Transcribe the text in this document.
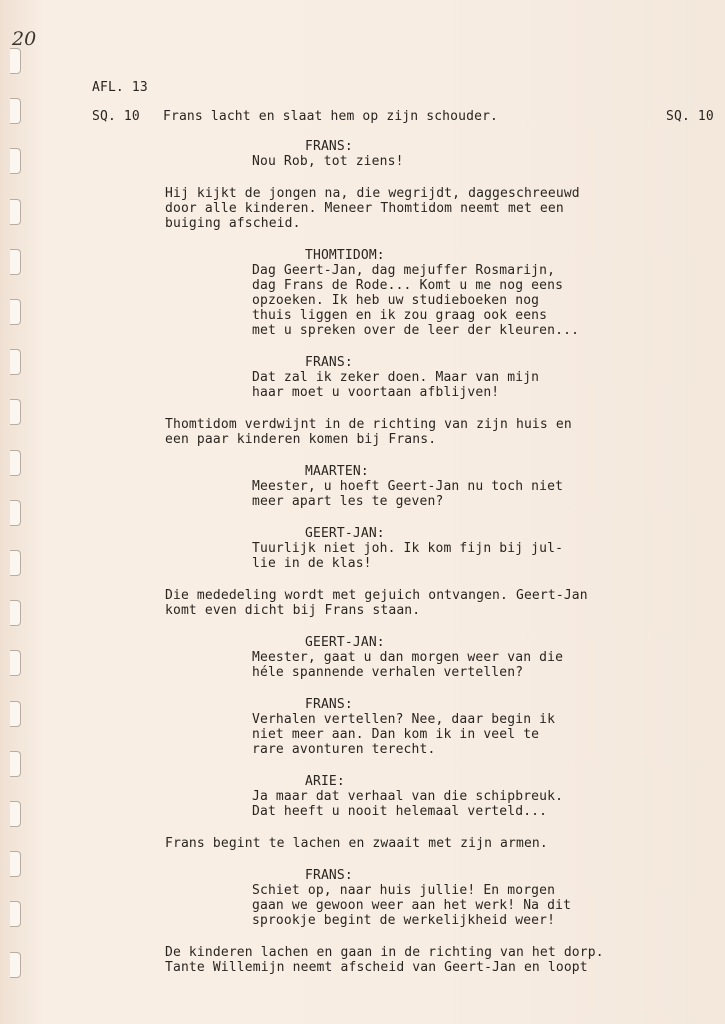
20
AFL. 13
SQ. 10 Frans lacht en slaat hem op zijn schouder.	SQ. 10
FRANS:
Nou Rob, tot ziens!
Hij kijkt de jongen na, die wegrijdt, daggeschreeuwd
door alle kinderen. Meneer Thomtidom neemt met een
buiging afscheid.
THOMTIDOM:
Dag Geert-Jan, dag mejuffer Rosmarijn,
dag Frans de Rode... Komt u me nog eens
opzoeken. Ik heb uw studieboeken nog
thuis liggen en ik zou graag ook eens
met u spreken over de leer der kleuren...
FRANS:
Dat zal ik zeker doen. Maar van mijn
haar moet u voortaan afblijven!
Thomtidom verdwijnt in de richting van zijn huis en
een paar kinderen komen bij Frans.
MAARTEN:
Meester, u hoeft Geert-Jan nu toch niet
meer apart les te geven?
GEERT-JAN:
Tuurlijk niet joh. Ik kom fijn bij jul-
lie in de klas!
Die mededeling wordt met gejuich ontvangen. Geert-Jan
komt even dicht bij Frans staan.
GEERT-JAN:
Meester, gaat u dan morgen weer van die
héle spannende verhalen vertellen?
FRANS:
Verhalen vertellen? Nee, daar begin ik
niet meer aan. Dan kom ik in veel te
rare avonturen terecht.
ARIE:
Ja maar dat verhaal van die schipbreuk.
Dat heeft u nooit helemaal verteld...
Frans begint te lachen en zwaait met zijn armen.
FRANS:
Schiet op, naar huis jullie! En morgen
gaan we gewoon weer aan het werk! Na dit
sprookje begint de werkelijkheid weer!
De kinderen lachen en gaan in de richting van het dorp.
Tante Willemijn neemt afscheid van Geert-Jan en loopt
